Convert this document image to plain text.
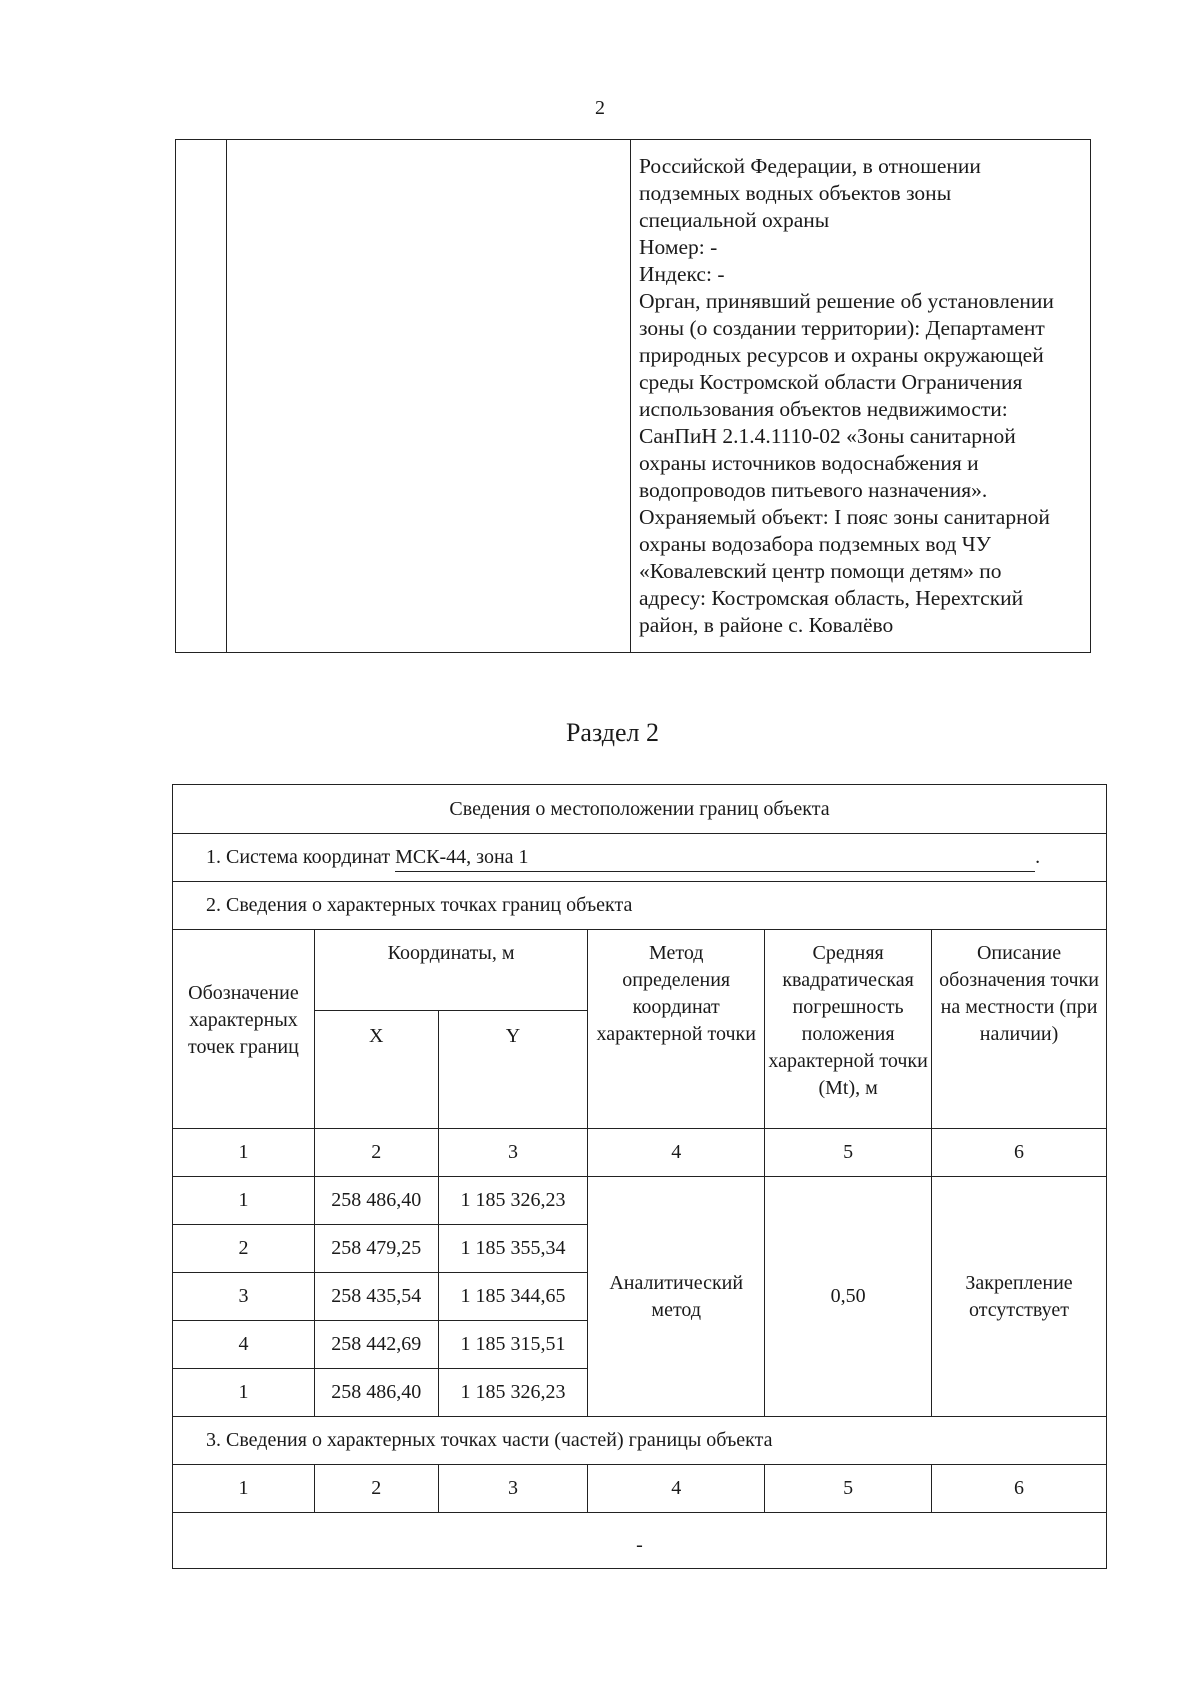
2

Российской Федерации, в отношении
подземных водных объектов зоны
специальной охраны
Номер: -
Индекс: -
Орган, принявший решение об установлении
зоны (о создании территории): Департамент
природных ресурсов и охраны окружающей
среды Костромской области Ограничения
использования объектов недвижимости:
СанПиН 2.1.4.1110-02 «Зоны санитарной
охраны источников водоснабжения и
водопроводов питьевого назначения».
Охраняемый объект: I пояс зоны санитарной
охраны водозабора подземных вод ЧУ
«Ковалевский центр помощи детям» по
адресу: Костромская область, Нерехтский
район, в районе с. Ковалёво
Раздел 2
Сведения о местоположении границ объекта					
1. Система координат МСК-44, зона 1 .					
2. Сведения о характерных точках границ объекта					
Обозначение характерных точек границ	Координаты, м		Метод определения координат характерной точки	Средняя квадратическая погрешность положения характерной точки (Mt), м	Описание обозначения точки на местности (при наличии)
	X	Y			
1	2	3	4	5	6
1	258 486,40	1 185 326,23	Аналитический метод	0,50	Закрепление отсутствует
2	258 479,25	1 185 355,34			
3	258 435,54	1 185 344,65			
4	258 442,69	1 185 315,51			
1	258 486,40	1 185 326,23			
3. Сведения о характерных точках части (частей) границы объекта					
1	2	3	4	5	6
-					
